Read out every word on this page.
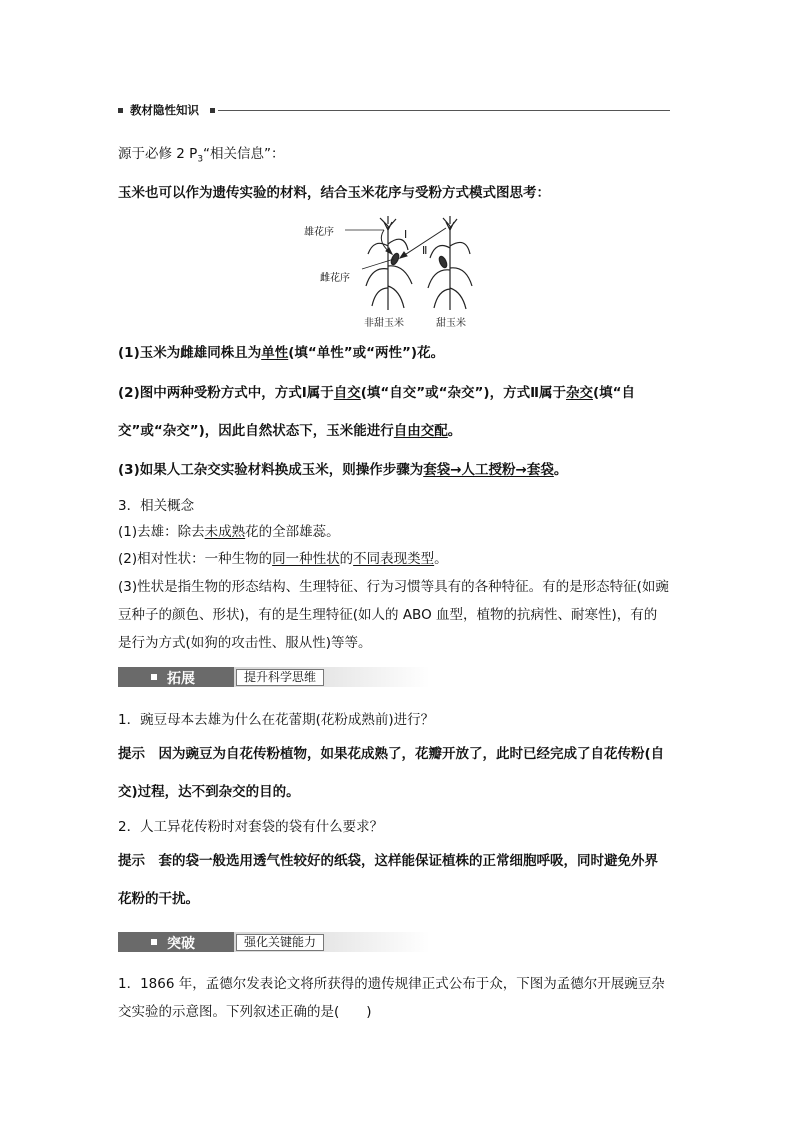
教材隐性知识
源于必修 2 $P_3“$相关信息”：
玉米也可以作为遗传实验的材料，结合玉米花序与受粉方式模式图思考：
雄花序
雌花序
Ⅰ
Ⅱ
非甜玉米	甜玉米
(1)玉米为雌雄同株且为单性(填“单性”或“两性”)花。
(2)图中两种受粉方式中，方式Ⅰ属于自交(填“自交”或“杂交”)，方式Ⅱ属于杂交(填“自
交”或“杂交”)，因此自然状态下，玉米能进行自由交配。
(3)如果人工杂交实验材料换成玉米，则操作步骤为套袋→人工授粉→套袋。
3．相关概念
(1)去雄：除去未成熟花的全部雄蕊。
(2)相对性状：一种生物的同一种性状的不同表现类型。
(3)性状是指生物的形态结构、生理特征、行为习惯等具有的各种特征。有的是形态特征(如豌
豆种子的颜色、形状)，有的是生理特征(如人的 ABO 血型，植物的抗病性、耐寒性)，有的
是行为方式(如狗的攻击性、服从性)等等。
拓展	提升科学思维
1．豌豆母本去雄为什么在花蕾期(花粉成熟前)进行？
提示　因为豌豆为自花传粉植物，如果花成熟了，花瓣开放了，此时已经完成了自花传粉(自
交)过程，达不到杂交的目的。
2．人工异花传粉时对套袋的袋有什么要求？
提示　套的袋一般选用透气性较好的纸袋，这样能保证植株的正常细胞呼吸，同时避免外界
花粉的干扰。
突破	强化关键能力
1．1866 年，孟德尔发表论文将所获得的遗传规律正式公布于众，下图为孟德尔开展豌豆杂
交实验的示意图。下列叙述正确的是(　　)
